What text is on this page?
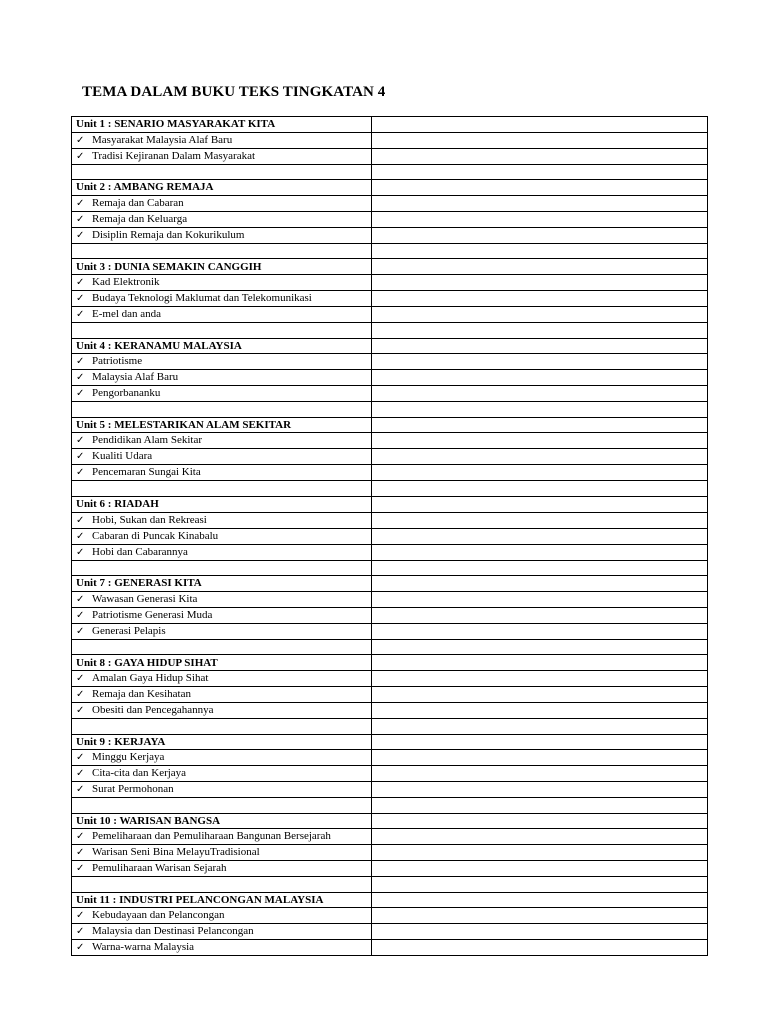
TEMA DALAM BUKU TEKS TINGKATAN 4
Unit 1 : SENARIO MASYARAKAT KITA	
✓ Masyarakat Malaysia Alaf Baru	
✓ Tradisi Kejiranan Dalam Masyarakat	

Unit 2 : AMBANG REMAJA	
✓ Remaja dan Cabaran	
✓ Remaja dan Keluarga	
✓ Disiplin Remaja dan Kokurikulum	

Unit 3 : DUNIA SEMAKIN CANGGIH	
✓ Kad Elektronik	
✓ Budaya Teknologi Maklumat dan Telekomunikasi	
✓ E-mel dan anda	

Unit 4 : KERANAMU MALAYSIA	
✓ Patriotisme	
✓ Malaysia Alaf Baru	
✓ Pengorbananku	

Unit 5 : MELESTARIKAN ALAM SEKITAR	
✓ Pendidikan Alam Sekitar	
✓ Kualiti Udara	
✓ Pencemaran Sungai Kita	

Unit 6 : RIADAH	
✓ Hobi, Sukan dan Rekreasi	
✓ Cabaran di Puncak Kinabalu	
✓ Hobi dan Cabarannya	

Unit 7 : GENERASI KITA	
✓ Wawasan Generasi Kita	
✓ Patriotisme Generasi Muda	
✓ Generasi Pelapis	

Unit 8 : GAYA HIDUP SIHAT	
✓ Amalan Gaya Hidup Sihat	
✓ Remaja dan Kesihatan	
✓ Obesiti dan Pencegahannya	

Unit 9 : KERJAYA	
✓ Minggu Kerjaya	
✓ Cita-cita dan Kerjaya	
✓ Surat Permohonan	

Unit 10 : WARISAN BANGSA	
✓ Pemeliharaan dan Pemuliharaan Bangunan Bersejarah	
✓ Warisan Seni Bina MelayuTradisional	
✓ Pemuliharaan Warisan Sejarah	

Unit 11 : INDUSTRI PELANCONGAN MALAYSIA	
✓ Kebudayaan dan Pelancongan	
✓ Malaysia dan Destinasi Pelancongan	
✓ Warna-warna Malaysia	
